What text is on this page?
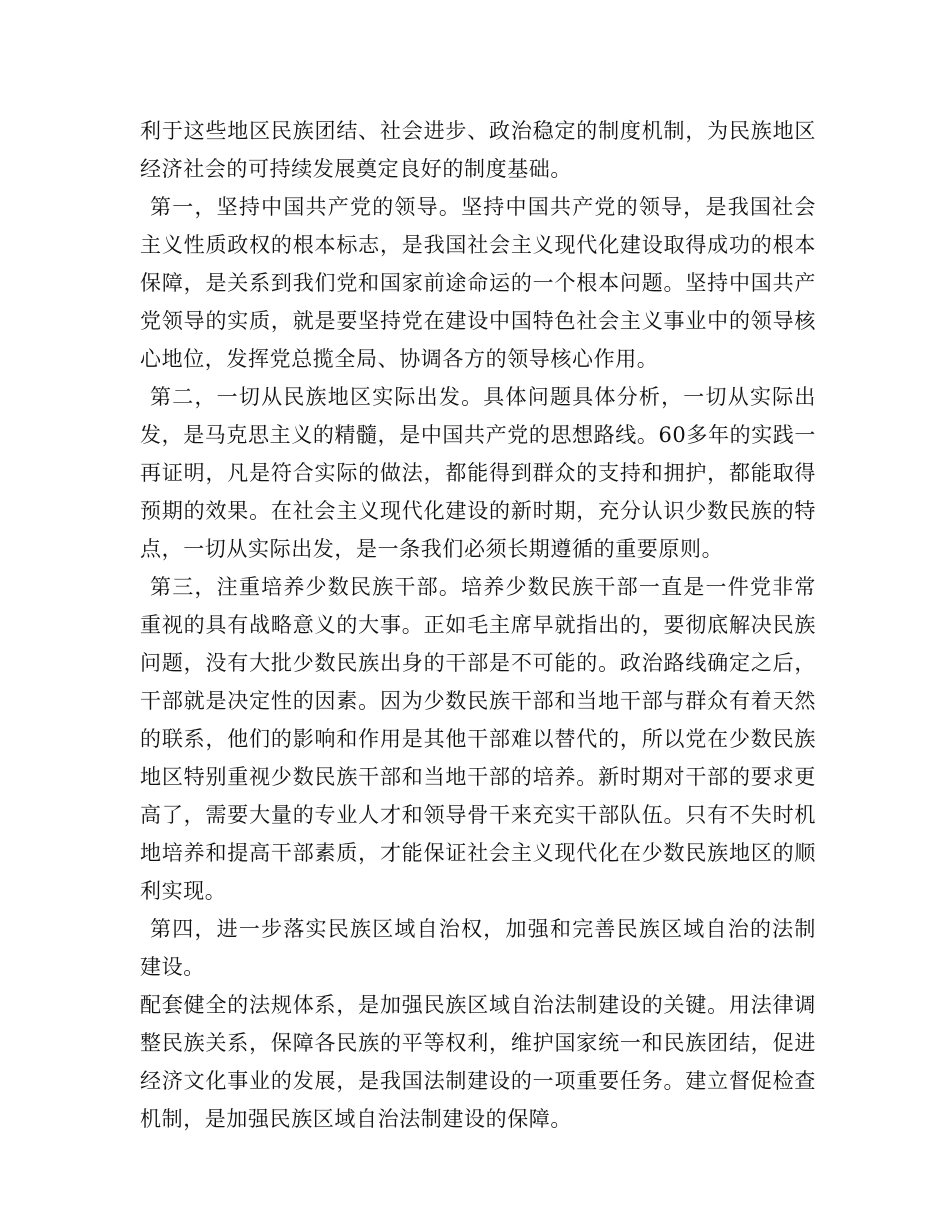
利于这些地区民族团结、社会进步、政治稳定的制度机制，为民族地区经济社会的可持续发展奠定良好的制度基础。

第一，坚持中国共产党的领导。坚持中国共产党的领导，是我国社会主义性质政权的根本标志，是我国社会主义现代化建设取得成功的根本保障，是关系到我们党和国家前途命运的一个根本问题。坚持中国共产党领导的实质，就是要坚持党在建设中国特色社会主义事业中的领导核心地位，发挥党总揽全局、协调各方的领导核心作用。

第二，一切从民族地区实际出发。具体问题具体分析，一切从实际出发，是马克思主义的精髓，是中国共产党的思想路线。60多年的实践一再证明，凡是符合实际的做法，都能得到群众的支持和拥护，都能取得预期的效果。在社会主义现代化建设的新时期，充分认识少数民族的特点，一切从实际出发，是一条我们必须长期遵循的重要原则。

第三，注重培养少数民族干部。培养少数民族干部一直是一件党非常重视的具有战略意义的大事。正如毛主席早就指出的，要彻底解决民族问题，没有大批少数民族出身的干部是不可能的。政治路线确定之后，干部就是决定性的因素。因为少数民族干部和当地干部与群众有着天然的联系，他们的影响和作用是其他干部难以替代的，所以党在少数民族地区特别重视少数民族干部和当地干部的培养。新时期对干部的要求更高了，需要大量的专业人才和领导骨干来充实干部队伍。只有不失时机地培养和提高干部素质，才能保证社会主义现代化在少数民族地区的顺利实现。

第四，进一步落实民族区域自治权，加强和完善民族区域自治的法制建设。

配套健全的法规体系，是加强民族区域自治法制建设的关键。用法律调整民族关系，保障各民族的平等权利，维护国家统一和民族团结，促进经济文化事业的发展，是我国法制建设的一项重要任务。建立督促检查机制，是加强民族区域自治法制建设的保障。
